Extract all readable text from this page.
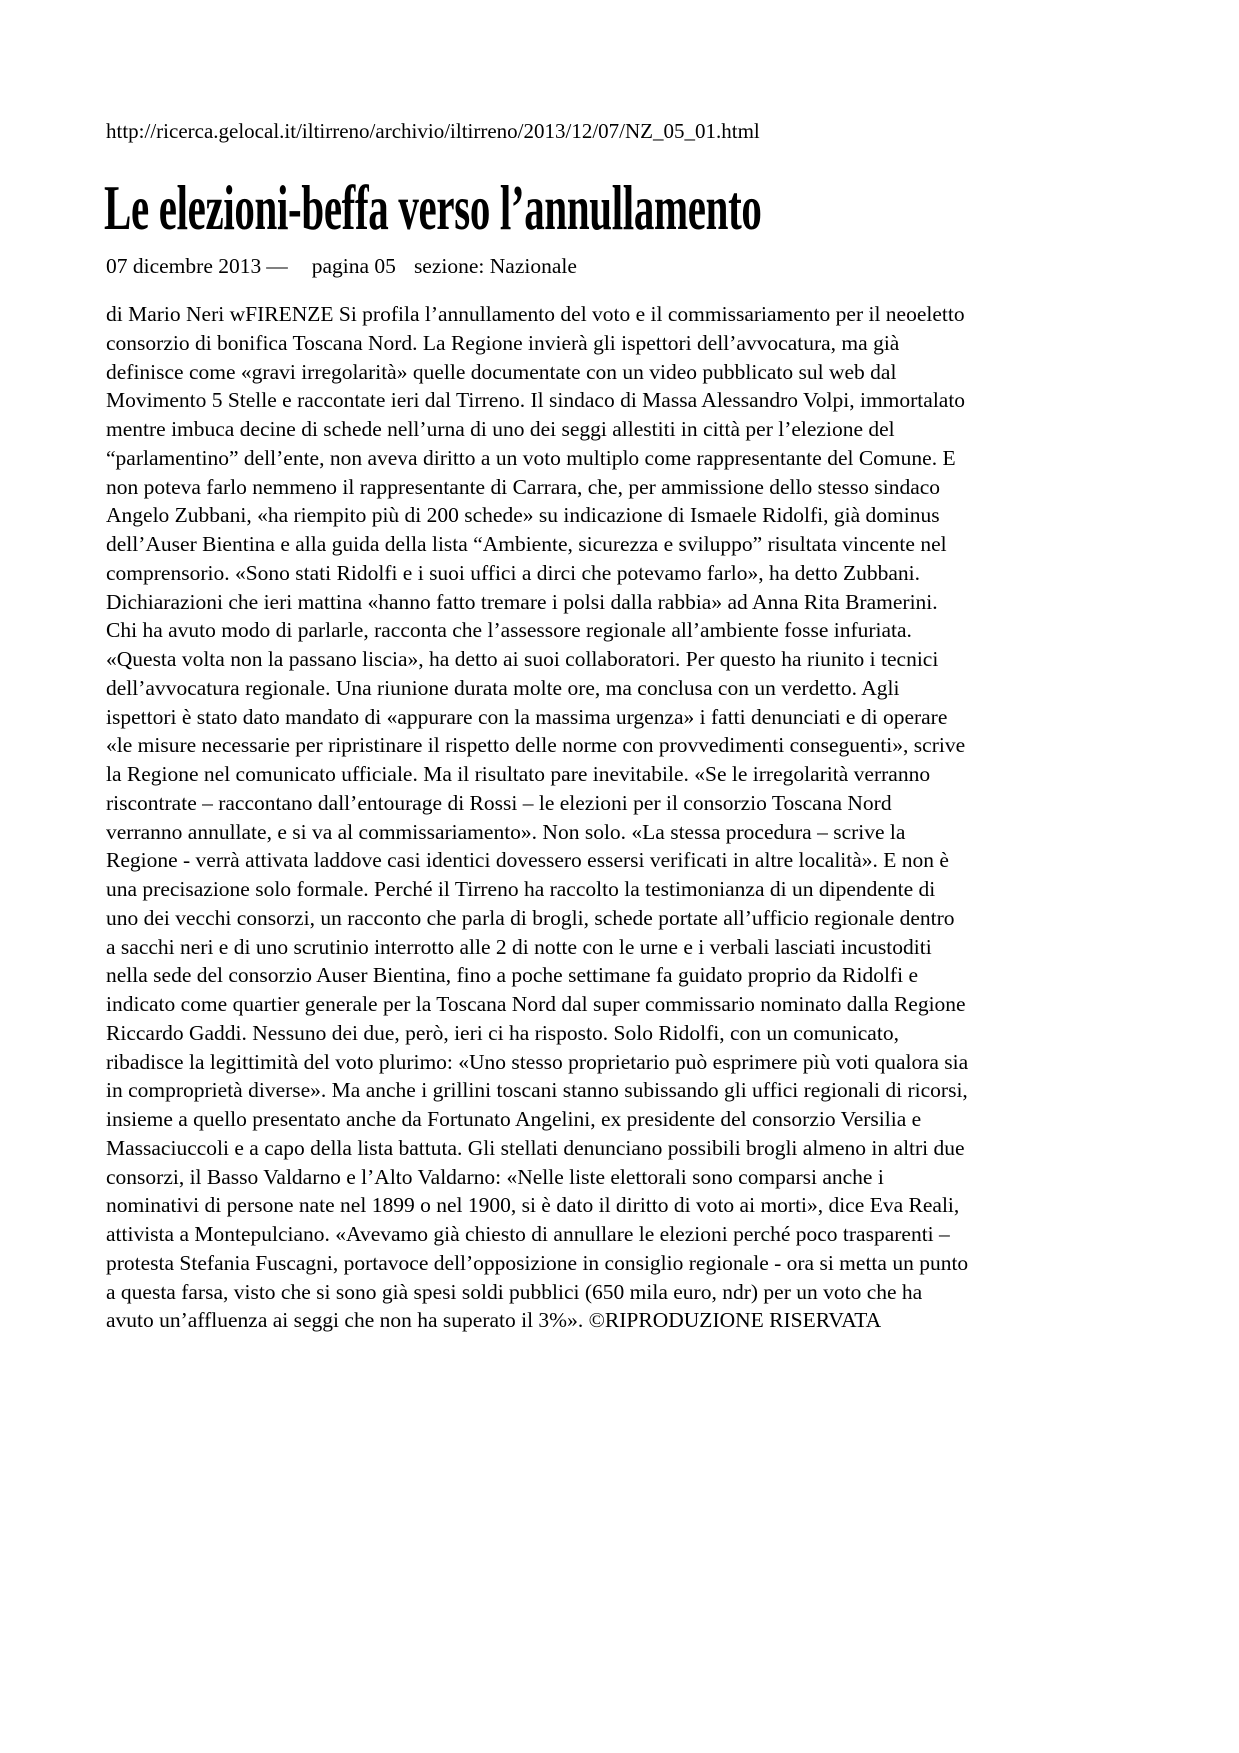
http://ricerca.gelocal.it/iltirreno/archivio/iltirreno/2013/12/07/NZ_05_01.html
Le elezioni-beffa verso l’annullamento
07 dicembre 2013 — pagina 05 sezione: Nazionale
di Mario Neri wFIRENZE Si profila l’annullamento del voto e il commissariamento per il neoeletto
consorzio di bonifica Toscana Nord. La Regione invierà gli ispettori dell’avvocatura, ma già
definisce come «gravi irregolarità» quelle documentate con un video pubblicato sul web dal
Movimento 5 Stelle e raccontate ieri dal Tirreno. Il sindaco di Massa Alessandro Volpi, immortalato
mentre imbuca decine di schede nell’urna di uno dei seggi allestiti in città per l’elezione del
“parlamentino” dell’ente, non aveva diritto a un voto multiplo come rappresentante del Comune. E
non poteva farlo nemmeno il rappresentante di Carrara, che, per ammissione dello stesso sindaco
Angelo Zubbani, «ha riempito più di 200 schede» su indicazione di Ismaele Ridolfi, già dominus
dell’Auser Bientina e alla guida della lista “Ambiente, sicurezza e sviluppo” risultata vincente nel
comprensorio. «Sono stati Ridolfi e i suoi uffici a dirci che potevamo farlo», ha detto Zubbani.
Dichiarazioni che ieri mattina «hanno fatto tremare i polsi dalla rabbia» ad Anna Rita Bramerini.
Chi ha avuto modo di parlarle, racconta che l’assessore regionale all’ambiente fosse infuriata.
«Questa volta non la passano liscia», ha detto ai suoi collaboratori. Per questo ha riunito i tecnici
dell’avvocatura regionale. Una riunione durata molte ore, ma conclusa con un verdetto. Agli
ispettori è stato dato mandato di «appurare con la massima urgenza» i fatti denunciati e di operare
«le misure necessarie per ripristinare il rispetto delle norme con provvedimenti conseguenti», scrive
la Regione nel comunicato ufficiale. Ma il risultato pare inevitabile. «Se le irregolarità verranno
riscontrate – raccontano dall’entourage di Rossi – le elezioni per il consorzio Toscana Nord
verranno annullate, e si va al commissariamento». Non solo. «La stessa procedura – scrive la
Regione - verrà attivata laddove casi identici dovessero essersi verificati in altre località». E non è
una precisazione solo formale. Perché il Tirreno ha raccolto la testimonianza di un dipendente di
uno dei vecchi consorzi, un racconto che parla di brogli, schede portate all’ufficio regionale dentro
a sacchi neri e di uno scrutinio interrotto alle 2 di notte con le urne e i verbali lasciati incustoditi
nella sede del consorzio Auser Bientina, fino a poche settimane fa guidato proprio da Ridolfi e
indicato come quartier generale per la Toscana Nord dal super commissario nominato dalla Regione
Riccardo Gaddi. Nessuno dei due, però, ieri ci ha risposto. Solo Ridolfi, con un comunicato,
ribadisce la legittimità del voto plurimo: «Uno stesso proprietario può esprimere più voti qualora sia
in comproprietà diverse». Ma anche i grillini toscani stanno subissando gli uffici regionali di ricorsi,
insieme a quello presentato anche da Fortunato Angelini, ex presidente del consorzio Versilia e
Massaciuccoli e a capo della lista battuta. Gli stellati denunciano possibili brogli almeno in altri due
consorzi, il Basso Valdarno e l’Alto Valdarno: «Nelle liste elettorali sono comparsi anche i
nominativi di persone nate nel 1899 o nel 1900, si è dato il diritto di voto ai morti», dice Eva Reali,
attivista a Montepulciano. «Avevamo già chiesto di annullare le elezioni perché poco trasparenti –
protesta Stefania Fuscagni, portavoce dell’opposizione in consiglio regionale - ora si metta un punto
a questa farsa, visto che si sono già spesi soldi pubblici (650 mila euro, ndr) per un voto che ha
avuto un’affluenza ai seggi che non ha superato il 3%». ©RIPRODUZIONE RISERVATA
